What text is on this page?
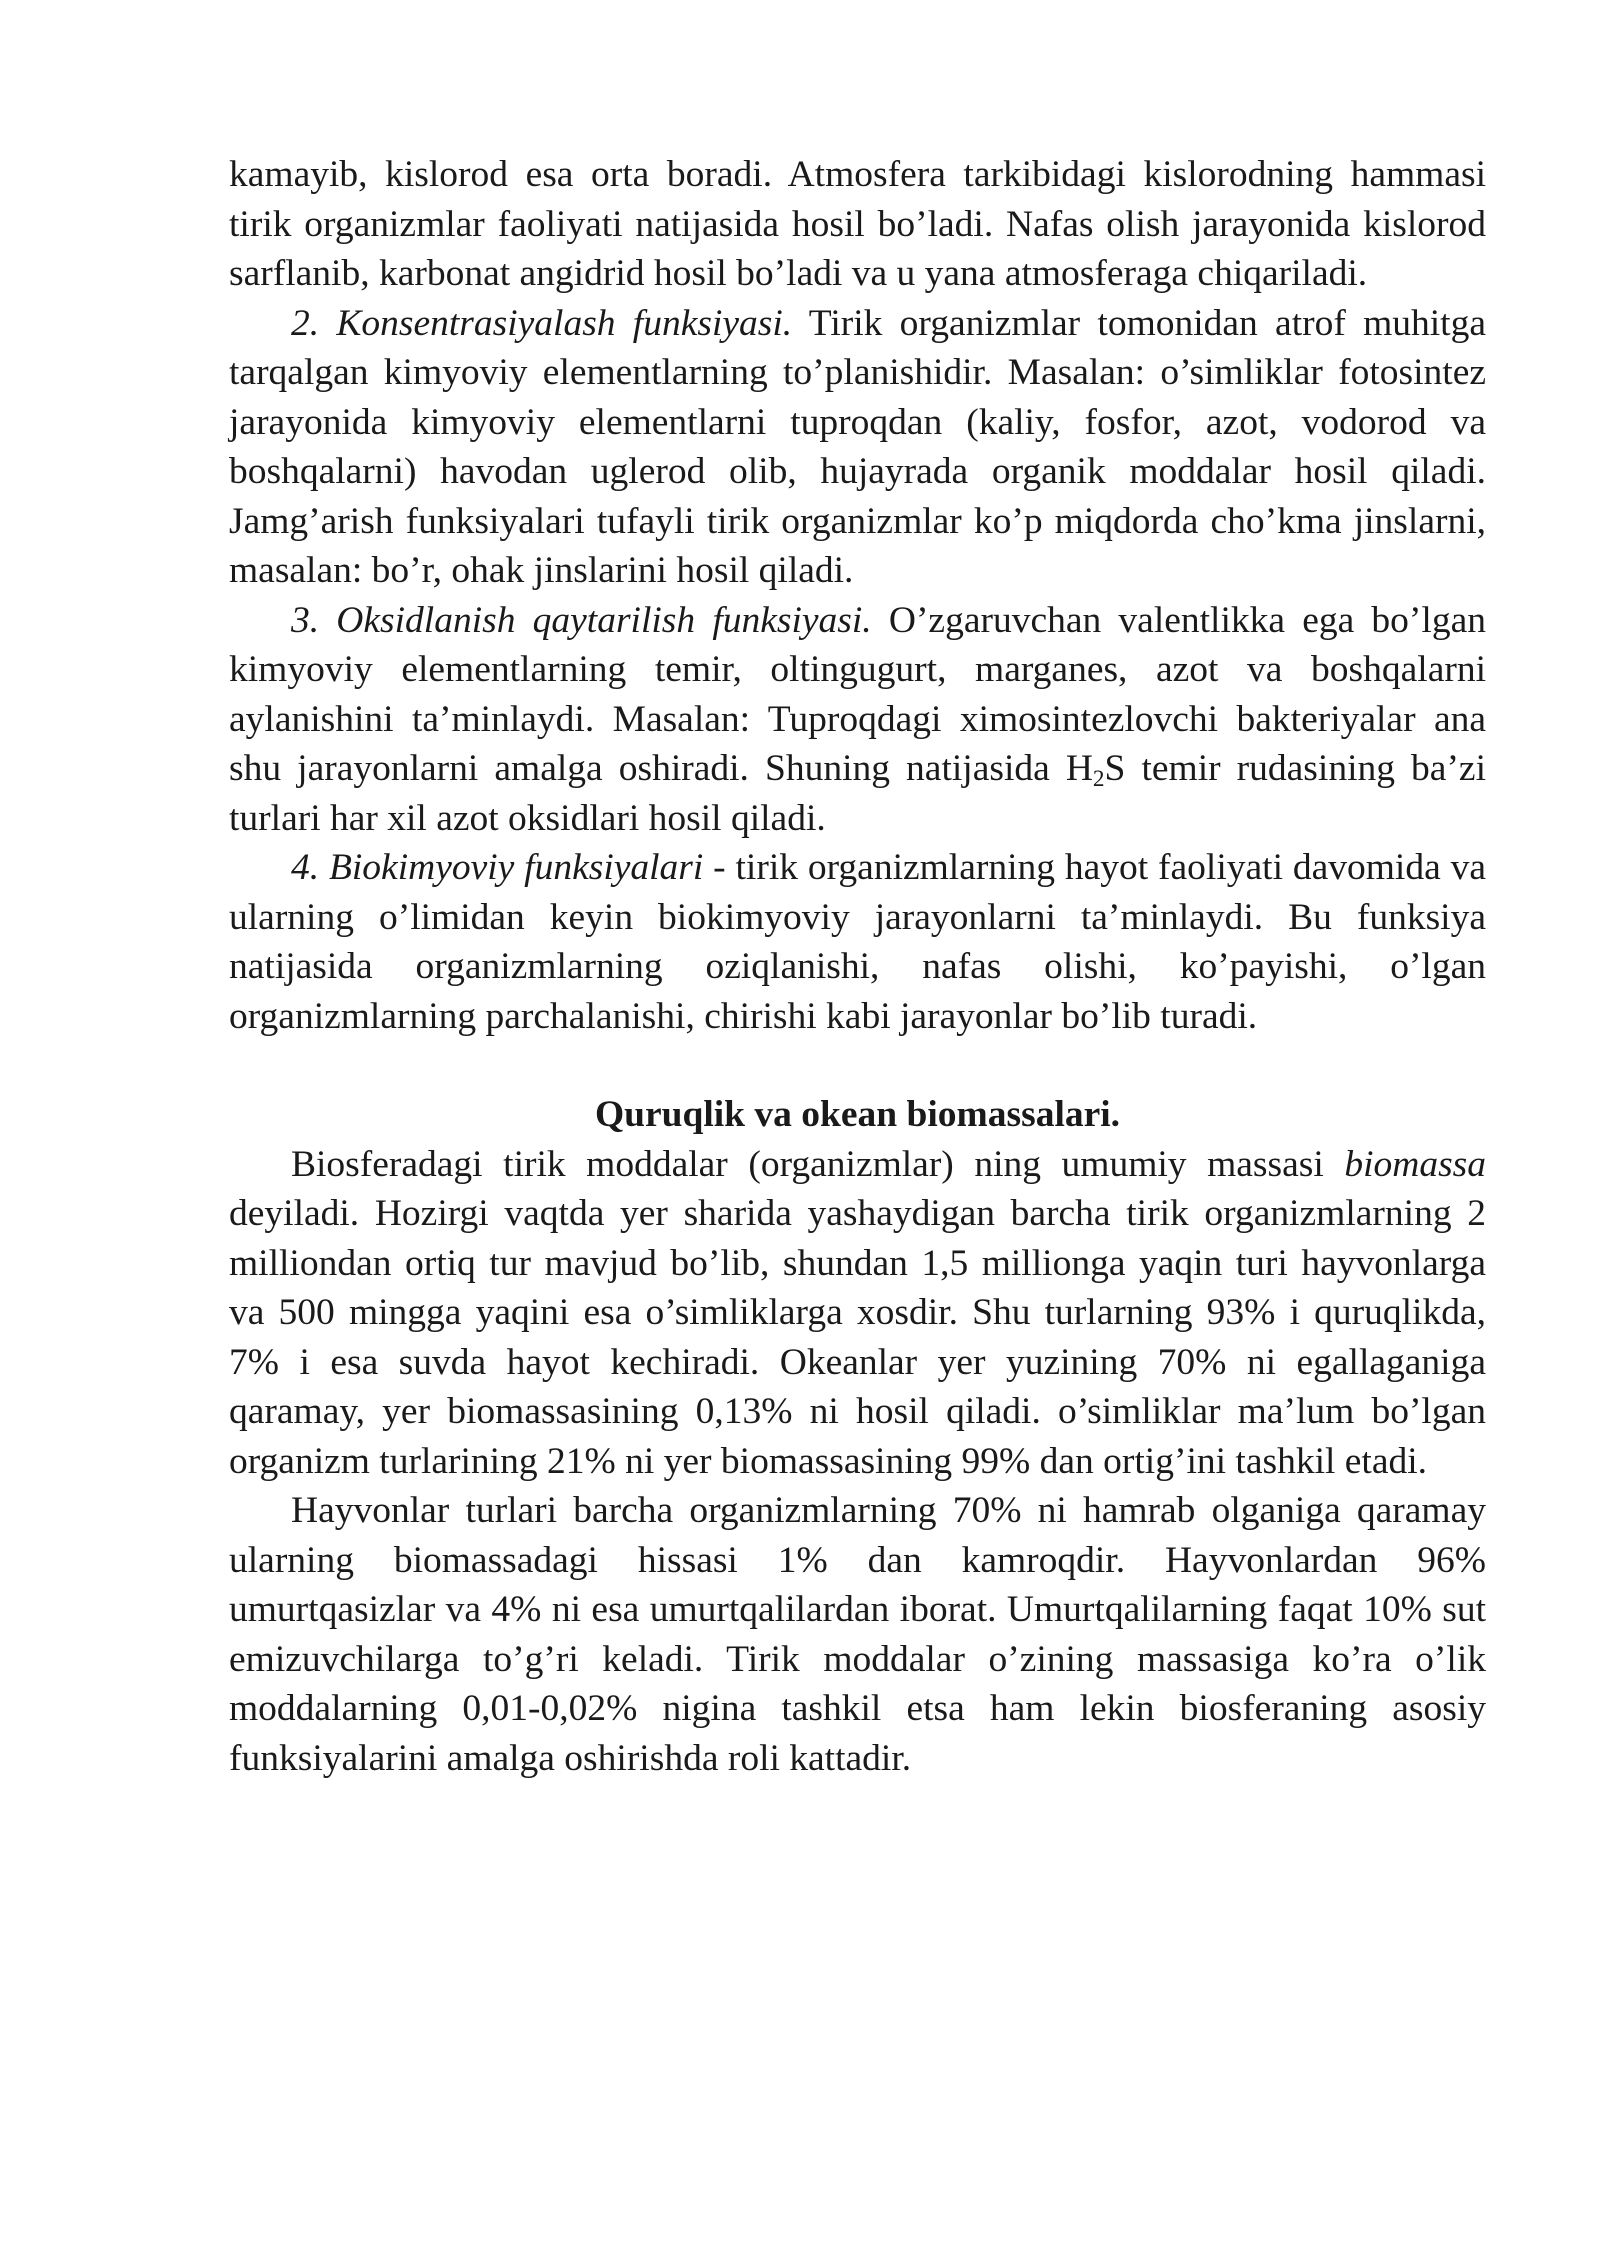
kamayib, kislorod esa orta boradi. Atmosfera tarkibidagi kislorodning hammasi tirik organizmlar faoliyati natijasida hosil bo’ladi. Nafas olish jarayonida kislorod sarflanib, karbonat angidrid hosil bo’ladi va u yana atmosferaga chiqariladi.

2. Konsentrasiyalash funksiyasi. Tirik organizmlar tomonidan atrof muhitga tarqalgan kimyoviy elementlarning to’planishidir. Masalan: o’simliklar fotosintez jarayonida kimyoviy elementlarni tuproqdan (kaliy, fosfor, azot, vodorod va boshqalarni) havodan uglerod olib, hujayrada organik moddalar hosil qiladi. Jamg’arish funksiyalari tufayli tirik organizmlar ko’p miqdorda cho’kma jinslarni, masalan: bo’r, ohak jinslarini hosil qiladi.

3. Oksidlanish qaytarilish funksiyasi. O’zgaruvchan valentlikka ega bo’lgan kimyoviy elementlarning temir, oltingugurt, marganes, azot va boshqalarni aylanishini ta’minlaydi. Masalan: Tuproqdagi ximosintezlovchi bakteriyalar ana shu jarayonlarni amalga oshiradi. Shuning natijasida $H_2S$ temir rudasining ba’zi turlari har xil azot oksidlari hosil qiladi.

4. Biokimyoviy funksiyalari - tirik organizmlarning hayot faoliyati davomida va ularning o’limidan keyin biokimyoviy jarayonlarni ta’minlaydi. Bu funksiya natijasida organizmlarning oziqlanishi, nafas olishi, ko’payishi, o’lgan organizmlarning parchalanishi, chirishi kabi jarayonlar bo’lib turadi.

Quruqlik va okean biomassalari.

Biosferadagi tirik moddalar (organizmlar) ning umumiy massasi biomassa deyiladi. Hozirgi vaqtda yer sharida yashaydigan barcha tirik organizmlarning 2 milliondan ortiq tur mavjud bo’lib, shundan 1,5 millionga yaqin turi hayvonlarga va 500 mingga yaqini esa o’simliklarga xosdir. Shu turlarning 93% i quruqlikda, 7% i esa suvda hayot kechiradi. Okeanlar yer yuzining 70% ni egallaganiga qaramay, yer biomassasining 0,13% ni hosil qiladi. o’simliklar ma’lum bo’lgan organizm turlarining 21% ni yer biomassasining 99% dan ortig’ini tashkil etadi.

Hayvonlar turlari barcha organizmlarning 70% ni hamrab olganiga qaramay ularning biomassadagi hissasi 1% dan kamroqdir. Hayvonlardan 96% umurtqasizlar va 4% ni esa umurtqalilardan iborat. Umurtqalilarning faqat 10% sut emizuvchilarga to’g’ri keladi. Tirik moddalar o’zining massasiga ko’ra o’lik moddalarning 0,01-0,02% nigina tashkil etsa ham lekin biosferaning asosiy funksiyalarini amalga oshirishda roli kattadir.
